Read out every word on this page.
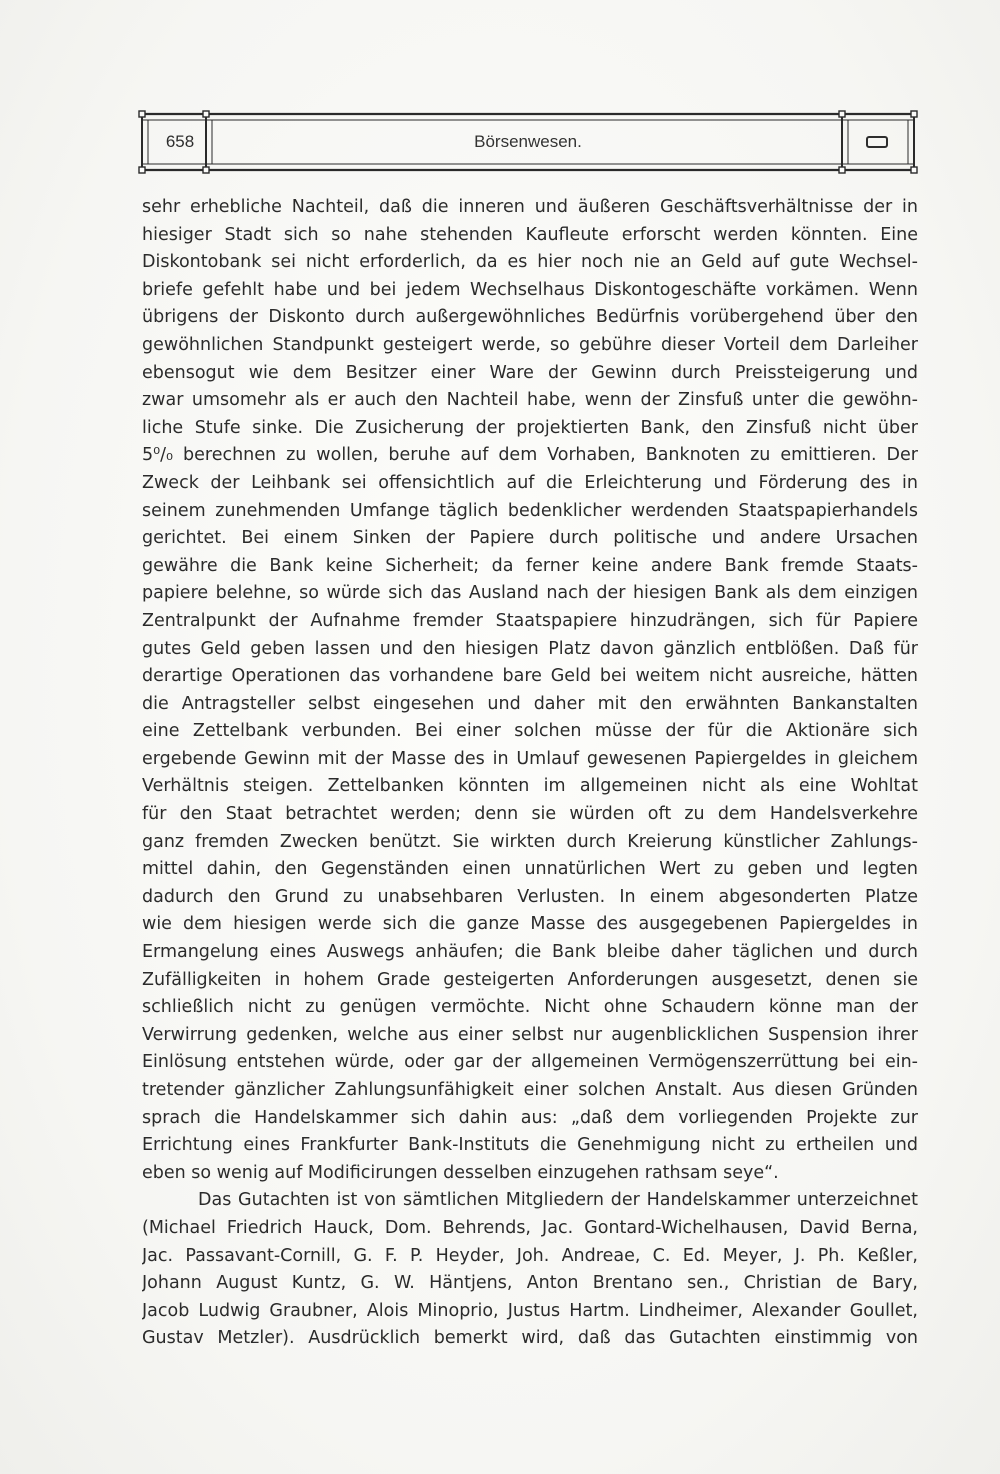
658	Börsenwesen.
sehr erhebliche Nachteil, daß die inneren und äußeren Geschäftsverhältnisse der in
hiesiger Stadt sich so nahe stehenden Kaufleute erforscht werden könnten. Eine
Diskontobank sei nicht erforderlich, da es hier noch nie an Geld auf gute Wechsel-
briefe gefehlt habe und bei jedem Wechselhaus Diskontogeschäfte vorkämen. Wenn
übrigens der Diskonto durch außergewöhnliches Bedürfnis vorübergehend über den
gewöhnlichen Standpunkt gesteigert werde, so gebühre dieser Vorteil dem Darleiher
ebensogut wie dem Besitzer einer Ware der Gewinn durch Preissteigerung und
zwar umsomehr als er auch den Nachteil habe, wenn der Zinsfuß unter die gewöhn-
liche Stufe sinke. Die Zusicherung der projektierten Bank, den Zinsfuß nicht über
5⁰/₀ berechnen zu wollen, beruhe auf dem Vorhaben, Banknoten zu emittieren. Der
Zweck der Leihbank sei offensichtlich auf die Erleichterung und Förderung des in
seinem zunehmenden Umfange täglich bedenklicher werdenden Staatspapierhandels
gerichtet. Bei einem Sinken der Papiere durch politische und andere Ursachen
gewähre die Bank keine Sicherheit; da ferner keine andere Bank fremde Staats-
papiere belehne, so würde sich das Ausland nach der hiesigen Bank als dem einzigen
Zentralpunkt der Aufnahme fremder Staatspapiere hinzudrängen, sich für Papiere
gutes Geld geben lassen und den hiesigen Platz davon gänzlich entblößen. Daß für
derartige Operationen das vorhandene bare Geld bei weitem nicht ausreiche, hätten
die Antragsteller selbst eingesehen und daher mit den erwähnten Bankanstalten
eine Zettelbank verbunden. Bei einer solchen müsse der für die Aktionäre sich
ergebende Gewinn mit der Masse des in Umlauf gewesenen Papiergeldes in gleichem
Verhältnis steigen. Zettelbanken könnten im allgemeinen nicht als eine Wohltat
für den Staat betrachtet werden; denn sie würden oft zu dem Handelsverkehre
ganz fremden Zwecken benützt. Sie wirkten durch Kreierung künstlicher Zahlungs-
mittel dahin, den Gegenständen einen unnatürlichen Wert zu geben und legten
dadurch den Grund zu unabsehbaren Verlusten. In einem abgesonderten Platze
wie dem hiesigen werde sich die ganze Masse des ausgegebenen Papiergeldes in
Ermangelung eines Auswegs anhäufen; die Bank bleibe daher täglichen und durch
Zufälligkeiten in hohem Grade gesteigerten Anforderungen ausgesetzt, denen sie
schließlich nicht zu genügen vermöchte. Nicht ohne Schaudern könne man der
Verwirrung gedenken, welche aus einer selbst nur augenblicklichen Suspension ihrer
Einlösung entstehen würde, oder gar der allgemeinen Vermögenszerrüttung bei ein-
tretender gänzlicher Zahlungsunfähigkeit einer solchen Anstalt. Aus diesen Gründen
sprach die Handelskammer sich dahin aus: „daß dem vorliegenden Projekte zur
Errichtung eines Frankfurter Bank-Instituts die Genehmigung nicht zu ertheilen und
eben so wenig auf Modificirungen desselben einzugehen rathsam seye“.
Das Gutachten ist von sämtlichen Mitgliedern der Handelskammer unterzeichnet
(Michael Friedrich Hauck, Dom. Behrends, Jac. Gontard-Wichelhausen, David Berna,
Jac. Passavant-Cornill, G. F. P. Heyder, Joh. Andreae, C. Ed. Meyer, J. Ph. Keßler,
Johann August Kuntz, G. W. Häntjens, Anton Brentano sen., Christian de Bary,
Jacob Ludwig Graubner, Alois Minoprio, Justus Hartm. Lindheimer, Alexander Goullet,
Gustav Metzler). Ausdrücklich bemerkt wird, daß das Gutachten einstimmig von
